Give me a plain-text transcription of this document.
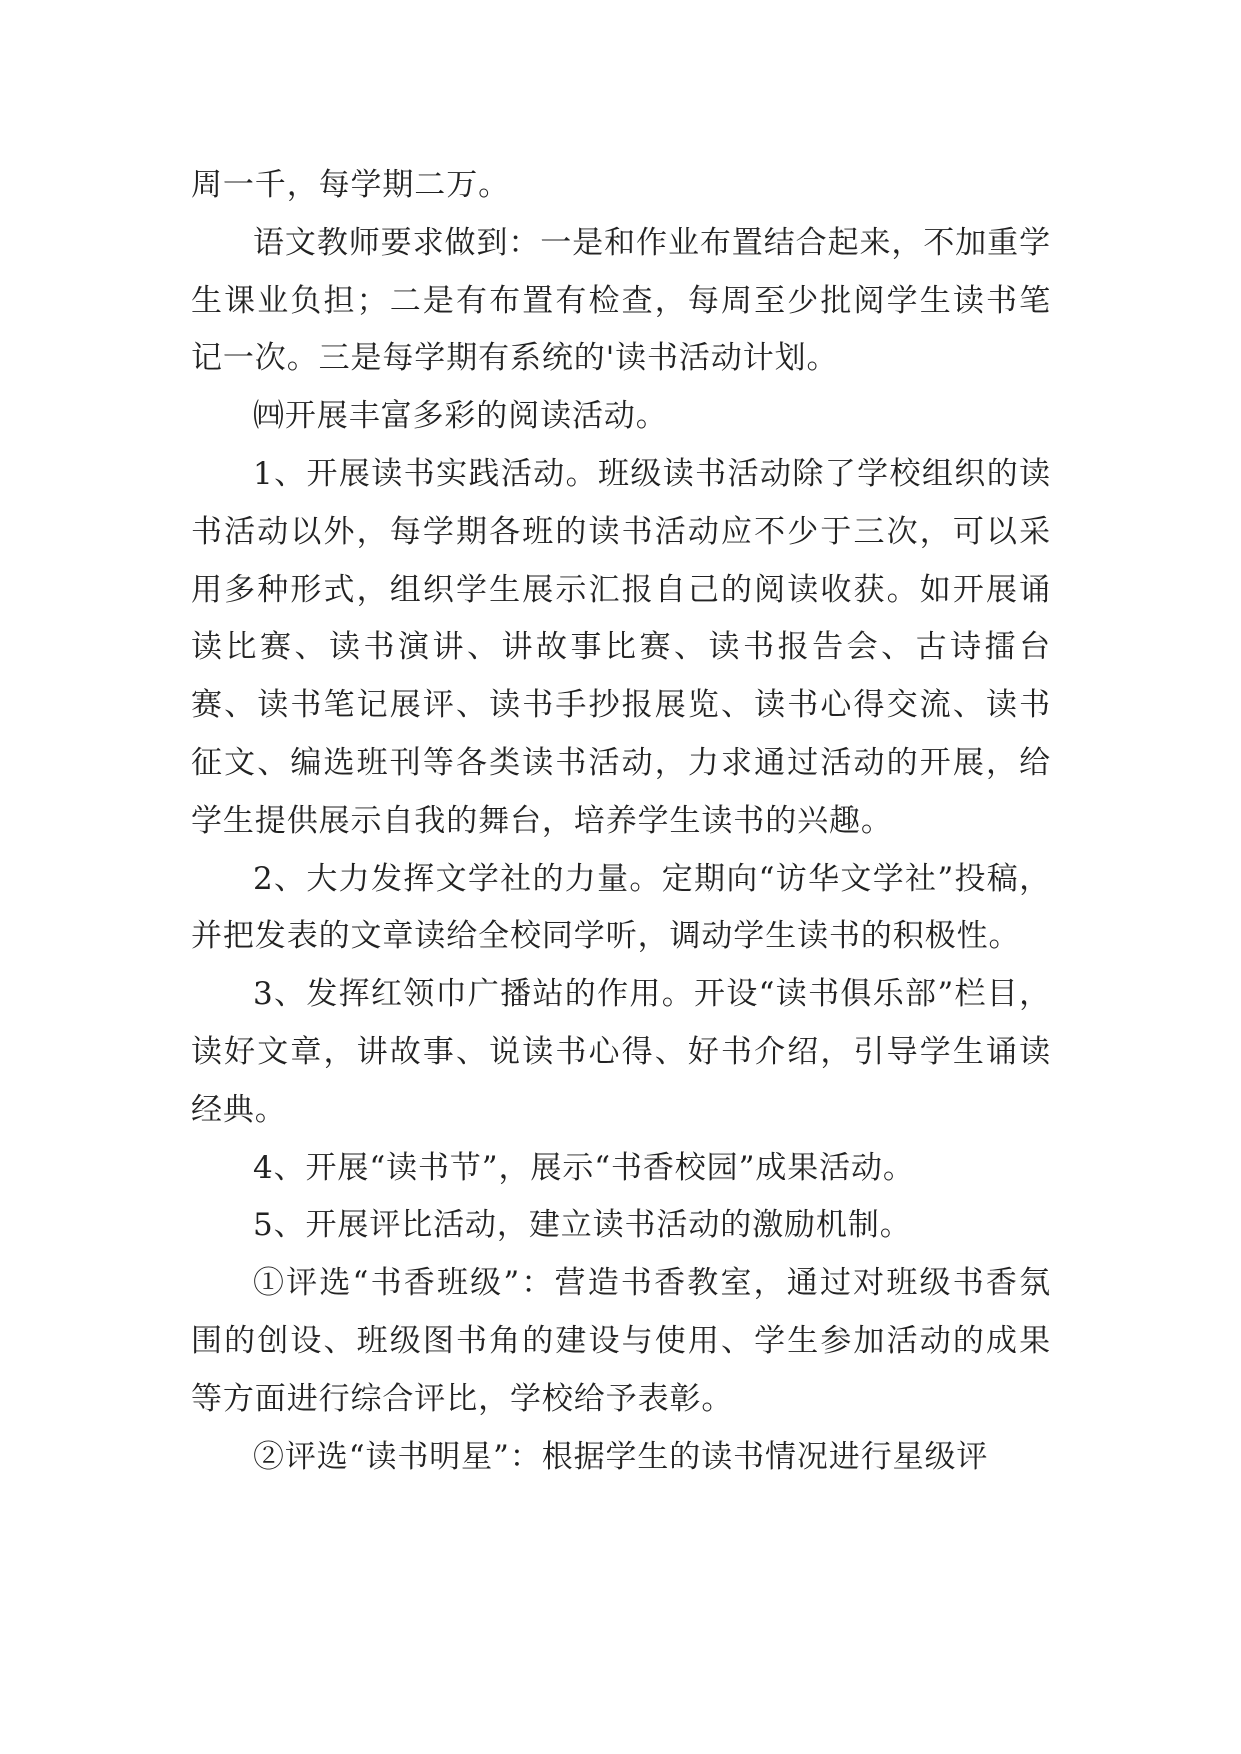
周一千，每学期二万。

语文教师要求做到：一是和作业布置结合起来，不加重学生课业负担；二是有布置有检查，每周至少批阅学生读书笔记一次。三是每学期有系统的'读书活动计划。

㈣开展丰富多彩的阅读活动。

1、开展读书实践活动。班级读书活动除了学校组织的读书活动以外，每学期各班的读书活动应不少于三次，可以采用多种形式，组织学生展示汇报自己的阅读收获。如开展诵读比赛、读书演讲、讲故事比赛、读书报告会、古诗擂台赛、读书笔记展评、读书手抄报展览、读书心得交流、读书征文、编选班刊等各类读书活动，力求通过活动的开展，给学生提供展示自我的舞台，培养学生读书的兴趣。

2、大力发挥文学社的力量。定期向“访华文学社”投稿，并把发表的文章读给全校同学听，调动学生读书的积极性。

3、发挥红领巾广播站的作用。开设“读书俱乐部”栏目，读好文章，讲故事、说读书心得、好书介绍，引导学生诵读经典。

4、开展“读书节”，展示“书香校园”成果活动。

5、开展评比活动，建立读书活动的激励机制。

①评选“书香班级”：营造书香教室，通过对班级书香氛围的创设、班级图书角的建设与使用、学生参加活动的成果等方面进行综合评比，学校给予表彰。

②评选“读书明星”：根据学生的读书情况进行星级评
